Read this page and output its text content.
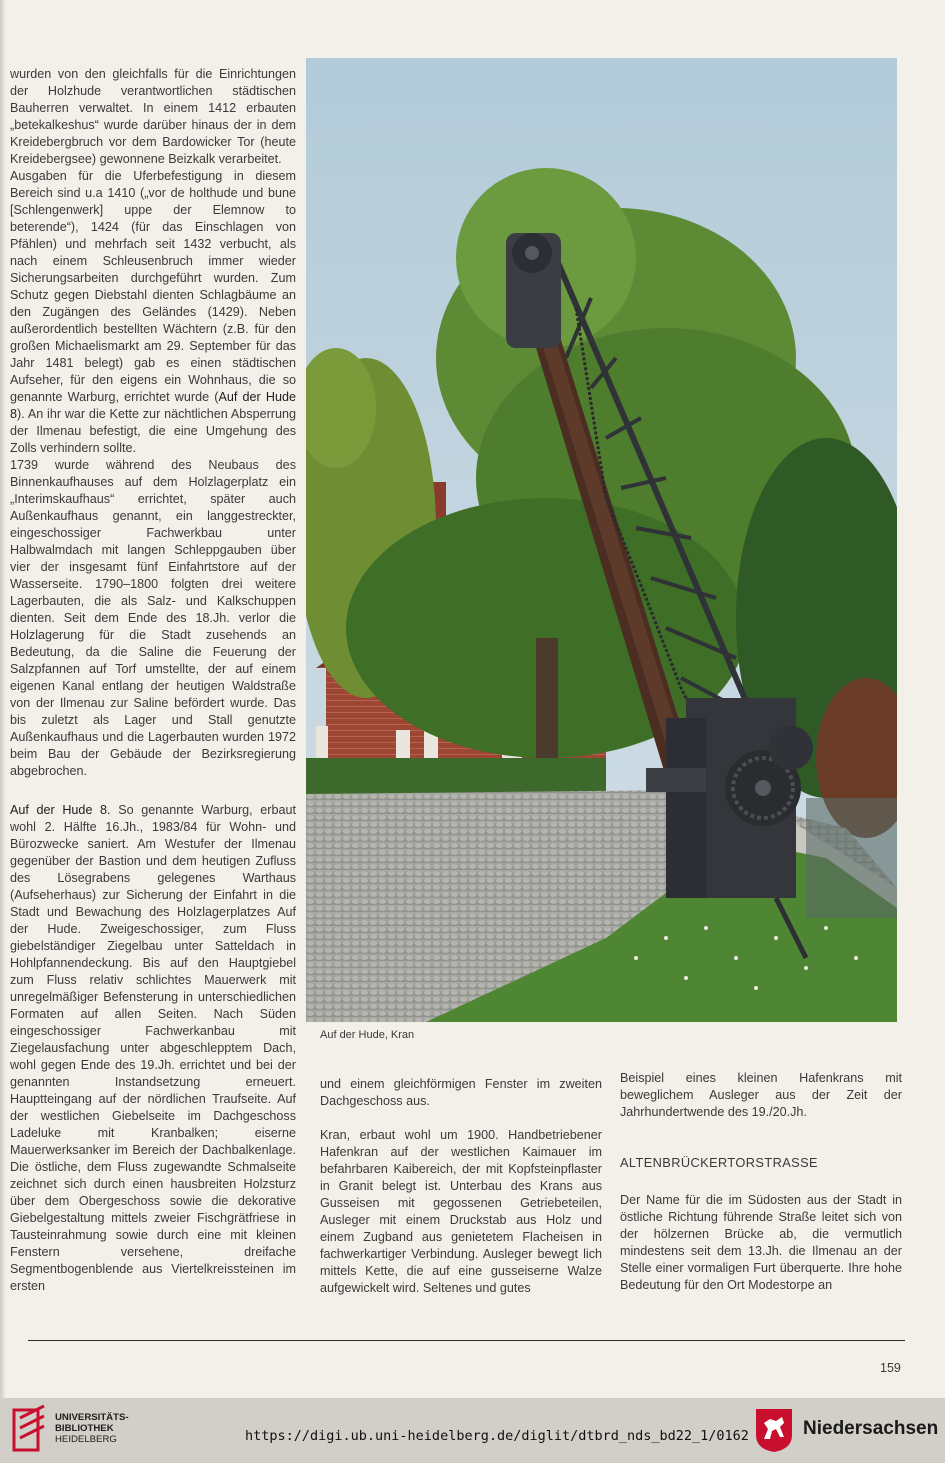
wurden von den gleichfalls für die Einrichtungen der Holzhude verantwortlichen städtischen Bauherren verwaltet. In einem 1412 erbauten „betekalkeshus“ wurde darüber hinaus der in dem Kreidebergbruch vor dem Bardowicker Tor (heute Kreidebergsee) gewonnene Beizkalk verarbeitet.

Ausgaben für die Uferbefestigung in diesem Bereich sind u.a 1410 („vor de holthude und bune [Schlengenwerk] uppe der Elemnow to beterende“), 1424 (für das Einschlagen von Pfählen) und mehrfach seit 1432 verbucht, als nach einem Schleusenbruch immer wieder Sicherungsarbeiten durchgeführt wurden. Zum Schutz gegen Diebstahl dienten Schlagbäume an den Zugängen des Geländes (1429). Neben außerordentlich bestellten Wächtern (z.B. für den großen Michaelismarkt am 29. September für das Jahr 1481 belegt) gab es einen städtischen Aufseher, für den eigens ein Wohnhaus, die so genannte Warburg, errichtet wurde (Auf der Hude 8). An ihr war die Kette zur nächtlichen Absperrung der Ilmenau befestigt, die eine Umgehung des Zolls verhindern sollte.

1739 wurde während des Neubaus des Binnenkaufhauses auf dem Holzlagerplatz ein „Interimskaufhaus“ errichtet, später auch Außenkaufhaus genannt, ein langgestreckter, eingeschossiger Fachwerkbau unter Halbwalmdach mit langen Schleppgauben über vier der insgesamt fünf Einfahrtstore auf der Wasserseite. 1790–1800 folgten drei weitere Lagerbauten, die als Salz- und Kalkschuppen dienten. Seit dem Ende des 18.Jh. verlor die Holzlagerung für die Stadt zusehends an Bedeutung, da die Saline die Feuerung der Salzpfannen auf Torf umstellte, der auf einem eigenen Kanal entlang der heutigen Waldstraße von der Ilmenau zur Saline befördert wurde. Das bis zuletzt als Lager und Stall genutzte Außenkaufhaus und die Lagerbauten wurden 1972 beim Bau der Gebäude der Bezirksregierung abgebrochen.

Auf der Hude 8. So genannte Warburg, erbaut wohl 2. Hälfte 16.Jh., 1983/84 für Wohn- und Bürozwecke saniert. Am Westufer der Ilmenau gegenüber der Bastion und dem heutigen Zufluss des Lösegrabens gelegenes Warthaus (Aufseherhaus) zur Sicherung der Einfahrt in die Stadt und Bewachung des Holzlagerplatzes Auf der Hude. Zweigeschossiger, zum Fluss giebelständiger Ziegelbau unter Satteldach in Hohlpfannendeckung. Bis auf den Hauptgiebel zum Fluss relativ schlichtes Mauerwerk mit unregelmäßiger Befensterung in unterschiedlichen Formaten auf allen Seiten. Nach Süden eingeschossiger Fachwerkanbau mit Ziegelausfachung unter abgeschlepptem Dach, wohl gegen Ende des 19.Jh. errichtet und bei der genannten Instandsetzung erneuert. Hauptteingang auf der nördlichen Traufseite. Auf der westlichen Giebelseite im Dachgeschoss Ladeluke mit Kranbalken; eiserne Mauerwerksanker im Bereich der Dachbalkenlage. Die östliche, dem Fluss zugewandte Schmalseite zeichnet sich durch einen hausbreiten Holzsturz über dem Obergeschoss sowie die dekorative Giebelgestaltung mittels zweier Fischgrätfriese in Tausteinrahmung sowie durch eine mit kleinen Fenstern versehene, dreifache Segmentbogenblende aus Viertelkreissteinen im ersten

Auf der Hude, Kran

und einem gleichförmigen Fenster im zweiten Dachgeschoss aus.

Kran, erbaut wohl um 1900. Handbetriebener Hafenkran auf der westlichen Kaimauer im befahrbaren Kaibereich, der mit Kopfsteinpflaster in Granit belegt ist. Unterbau des Krans aus Gusseisen mit gegossenen Getriebeteilen, Ausleger mit einem Druckstab aus Holz und einem Zugband aus genietetem Flacheisen in fachwerkartiger Verbindung. Ausleger bewegt lich mittels Kette, die auf eine gusseiserne Walze aufgewickelt wird. Seltenes und gutes

Beispiel eines kleinen Hafenkrans mit beweglichem Ausleger aus der Zeit der Jahrhundertwende des 19./20.Jh.

ALTENBRÜCKERTORSTRASSE

Der Name für die im Südosten aus der Stadt in östliche Richtung führende Straße leitet sich von der hölzernen Brücke ab, die vermutlich mindestens seit dem 13.Jh. die Ilmenau an der Stelle einer vormaligen Furt überquerte. Ihre hohe Bedeutung für den Ort Modestorpe an

159
UNIVERSITÄTS-
BIBLIOTHEK
HEIDELBERG	https://digi.ub.uni-heidelberg.de/diglit/dtbrd_nds_bd22_1/0162	Niedersachsen
